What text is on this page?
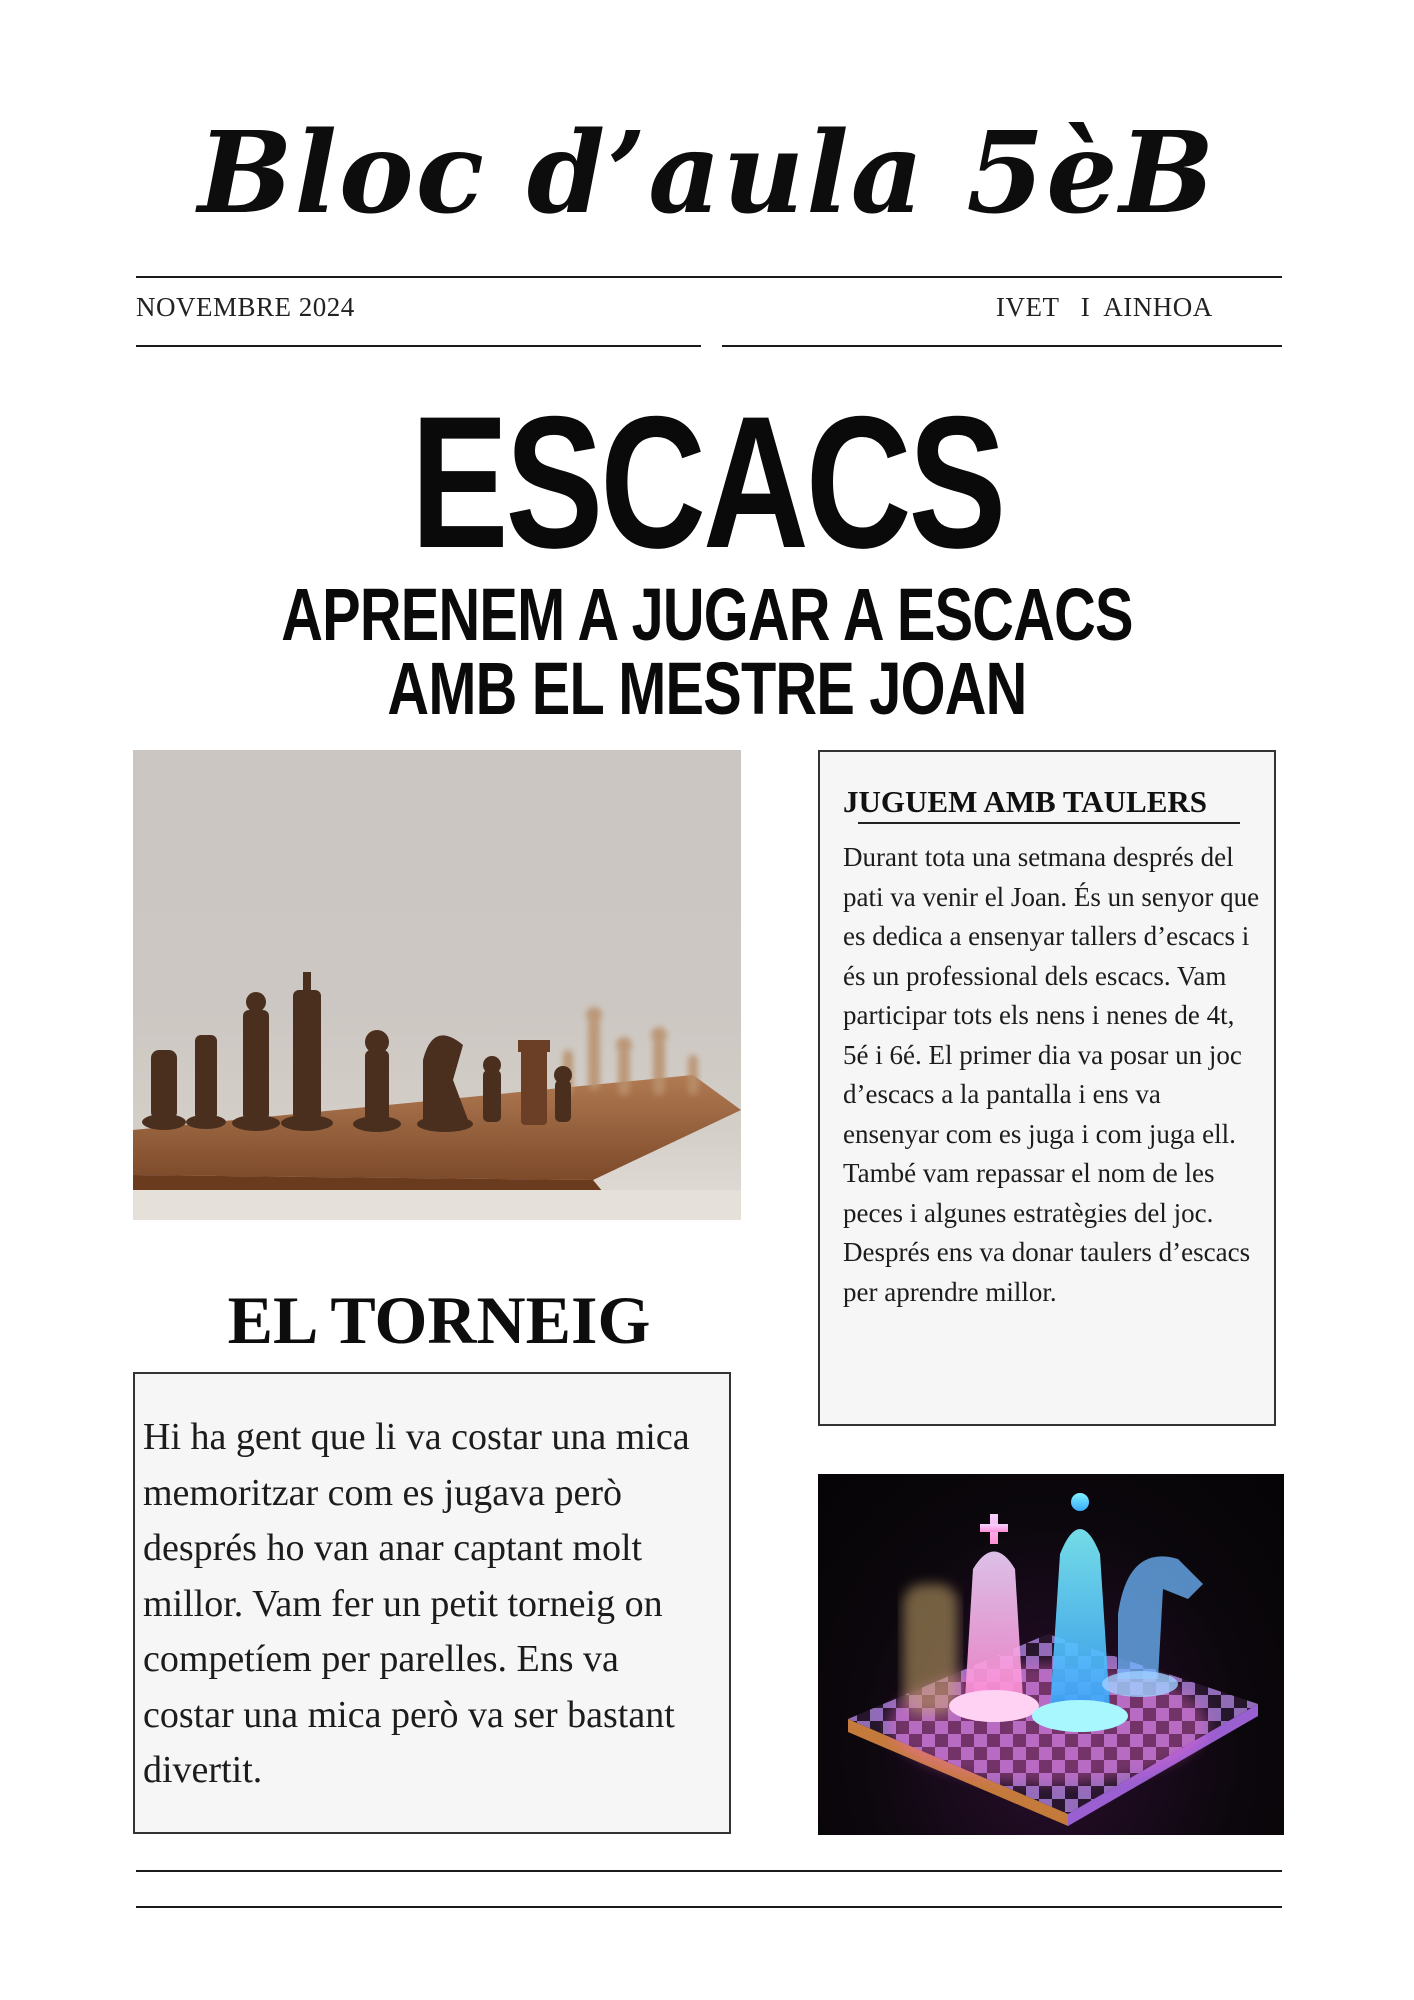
Bloc d’aula 5èB
NOVEMBRE 2024	IVET   I  AINHOA
ESCACS
APRENEM A JUGAR A ESCACS
AMB EL MESTRE JOAN
JUGUEM AMB TAULERS
Durant tota una setmana després del pati va venir el Joan. És un senyor que es dedica a ensenyar tallers d’escacs i és un professional dels escacs. Vam participar tots els nens i nenes de 4t, 5é i 6é. El primer dia va posar un joc d’escacs a la pantalla i ens va ensenyar com es juga i com juga ell. També vam repassar el nom de les peces i algunes estratègies del joc. Després ens va donar taulers d’escacs per aprendre millor.
EL TORNEIG
Hi ha gent que li va costar una mica memoritzar com es jugava però després ho van anar captant molt millor. Vam fer un petit torneig on competíem per parelles. Ens va costar una mica però va ser bastant divertit.
